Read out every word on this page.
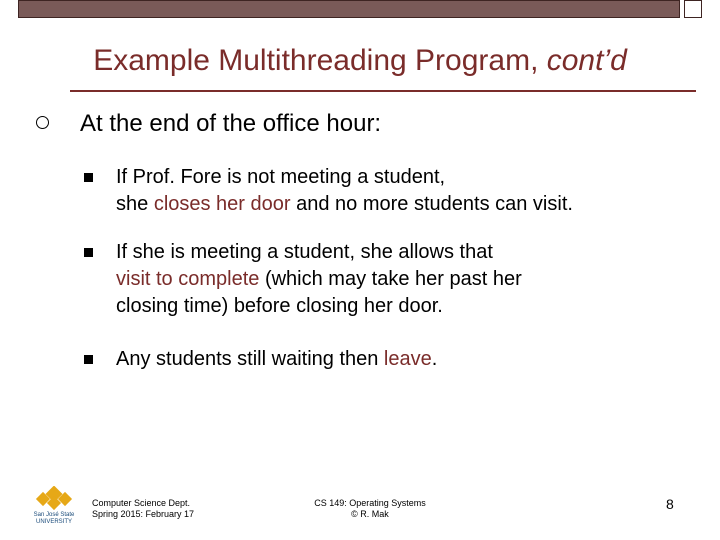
Example Multithreading Program, cont’d
At the end of the office hour:
If Prof. Fore is not meeting a student,
she closes her door and no more students can visit.
If she is meeting a student, she allows that
visit to complete (which may take her past her
closing time) before closing her door.
Any students still waiting then leave.
San José State
UNIVERSITY
Computer Science Dept.
Spring 2015: February 17
CS 149: Operating Systems
© R. Mak
8
